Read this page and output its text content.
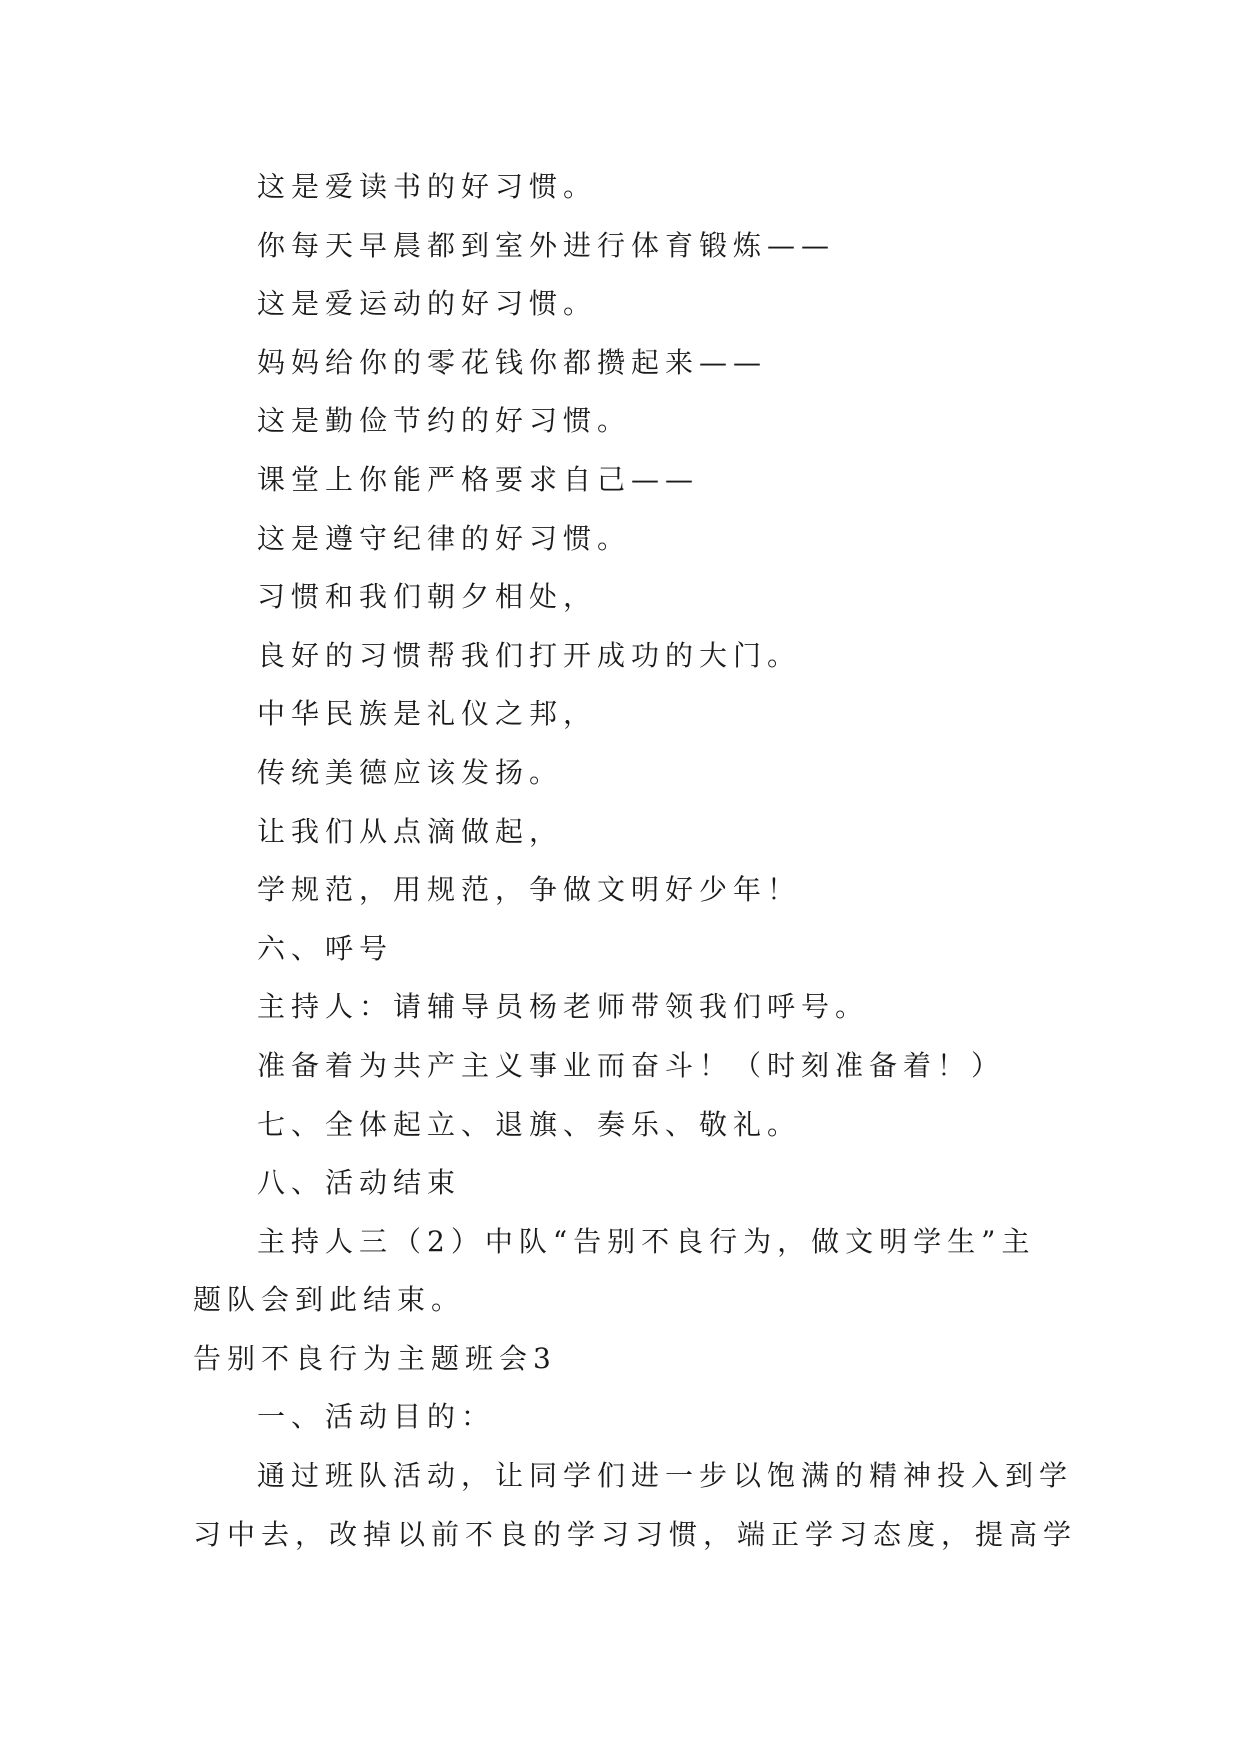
这是爱读书的好习惯。
你每天早晨都到室外进行体育锻炼——
这是爱运动的好习惯。
妈妈给你的零花钱你都攒起来——
这是勤俭节约的好习惯。
课堂上你能严格要求自己——
这是遵守纪律的好习惯。
习惯和我们朝夕相处，
良好的习惯帮我们打开成功的大门。
中华民族是礼仪之邦，
传统美德应该发扬。
让我们从点滴做起，
学规范，用规范，争做文明好少年！
六、呼号
主持人：请辅导员杨老师带领我们呼号。
准备着为共产主义事业而奋斗！（时刻准备着！）
七、全体起立、退旗、奏乐、敬礼。
八、活动结束
主持人三（2）中队“告别不良行为，做文明学生”主
题队会到此结束。
告别不良行为主题班会3
一、活动目的：
通过班队活动，让同学们进一步以饱满的精神投入到学
习中去，改掉以前不良的学习习惯，端正学习态度，提高学
